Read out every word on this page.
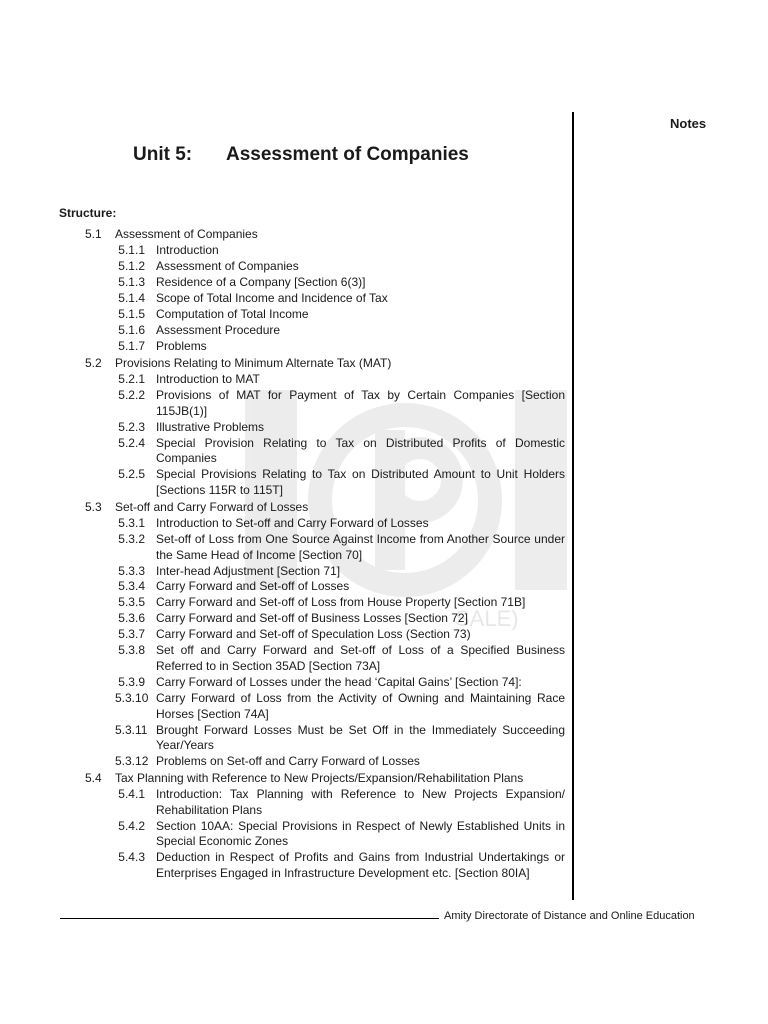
Notes
Unit 5: Assessment of Companies
Structure:
SALE)
5.1 Assessment of Companies
5.1.1 Introduction
5.1.2 Assessment of Companies
5.1.3 Residence of a Company [Section 6(3)]
5.1.4 Scope of Total Income and Incidence of Tax
5.1.5 Computation of Total Income
5.1.6 Assessment Procedure
5.1.7 Problems
5.2 Provisions Relating to Minimum Alternate Tax (MAT)
5.2.1 Introduction to MAT
5.2.2 Provisions of MAT for Payment of Tax by Certain Companies [Section 115JB(1)]
5.2.3 Illustrative Problems
5.2.4 Special Provision Relating to Tax on Distributed Profits of Domestic Companies
5.2.5 Special Provisions Relating to Tax on Distributed Amount to Unit Holders [Sections 115R to 115T]
5.3 Set-off and Carry Forward of Losses
5.3.1 Introduction to Set-off and Carry Forward of Losses
5.3.2 Set-off of Loss from One Source Against Income from Another Source under the Same Head of Income [Section 70]
5.3.3 Inter-head Adjustment [Section 71]
5.3.4 Carry Forward and Set-off of Losses
5.3.5 Carry Forward and Set-off of Loss from House Property [Section 71B]
5.3.6 Carry Forward and Set-off of Business Losses [Section 72]
5.3.7 Carry Forward and Set-off of Speculation Loss (Section 73)
5.3.8 Set off and Carry Forward and Set-off of Loss of a Specified Business Referred to in Section 35AD [Section 73A]
5.3.9 Carry Forward of Losses under the head ‘Capital Gains’ [Section 74]:
5.3.10 Carry Forward of Loss from the Activity of Owning and Maintaining Race Horses [Section 74A]
5.3.11 Brought Forward Losses Must be Set Off in the Immediately Succeeding Year/Years
5.3.12 Problems on Set-off and Carry Forward of Losses
5.4 Tax Planning with Reference to New Projects/Expansion/Rehabilitation Plans
5.4.1 Introduction: Tax Planning with Reference to New Projects Expansion/ Rehabilitation Plans
5.4.2 Section 10AA: Special Provisions in Respect of Newly Established Units in Special Economic Zones
5.4.3 Deduction in Respect of Profits and Gains from Industrial Undertakings or Enterprises Engaged in Infrastructure Development etc. [Section 80IA]
Amity Directorate of Distance and Online Education
